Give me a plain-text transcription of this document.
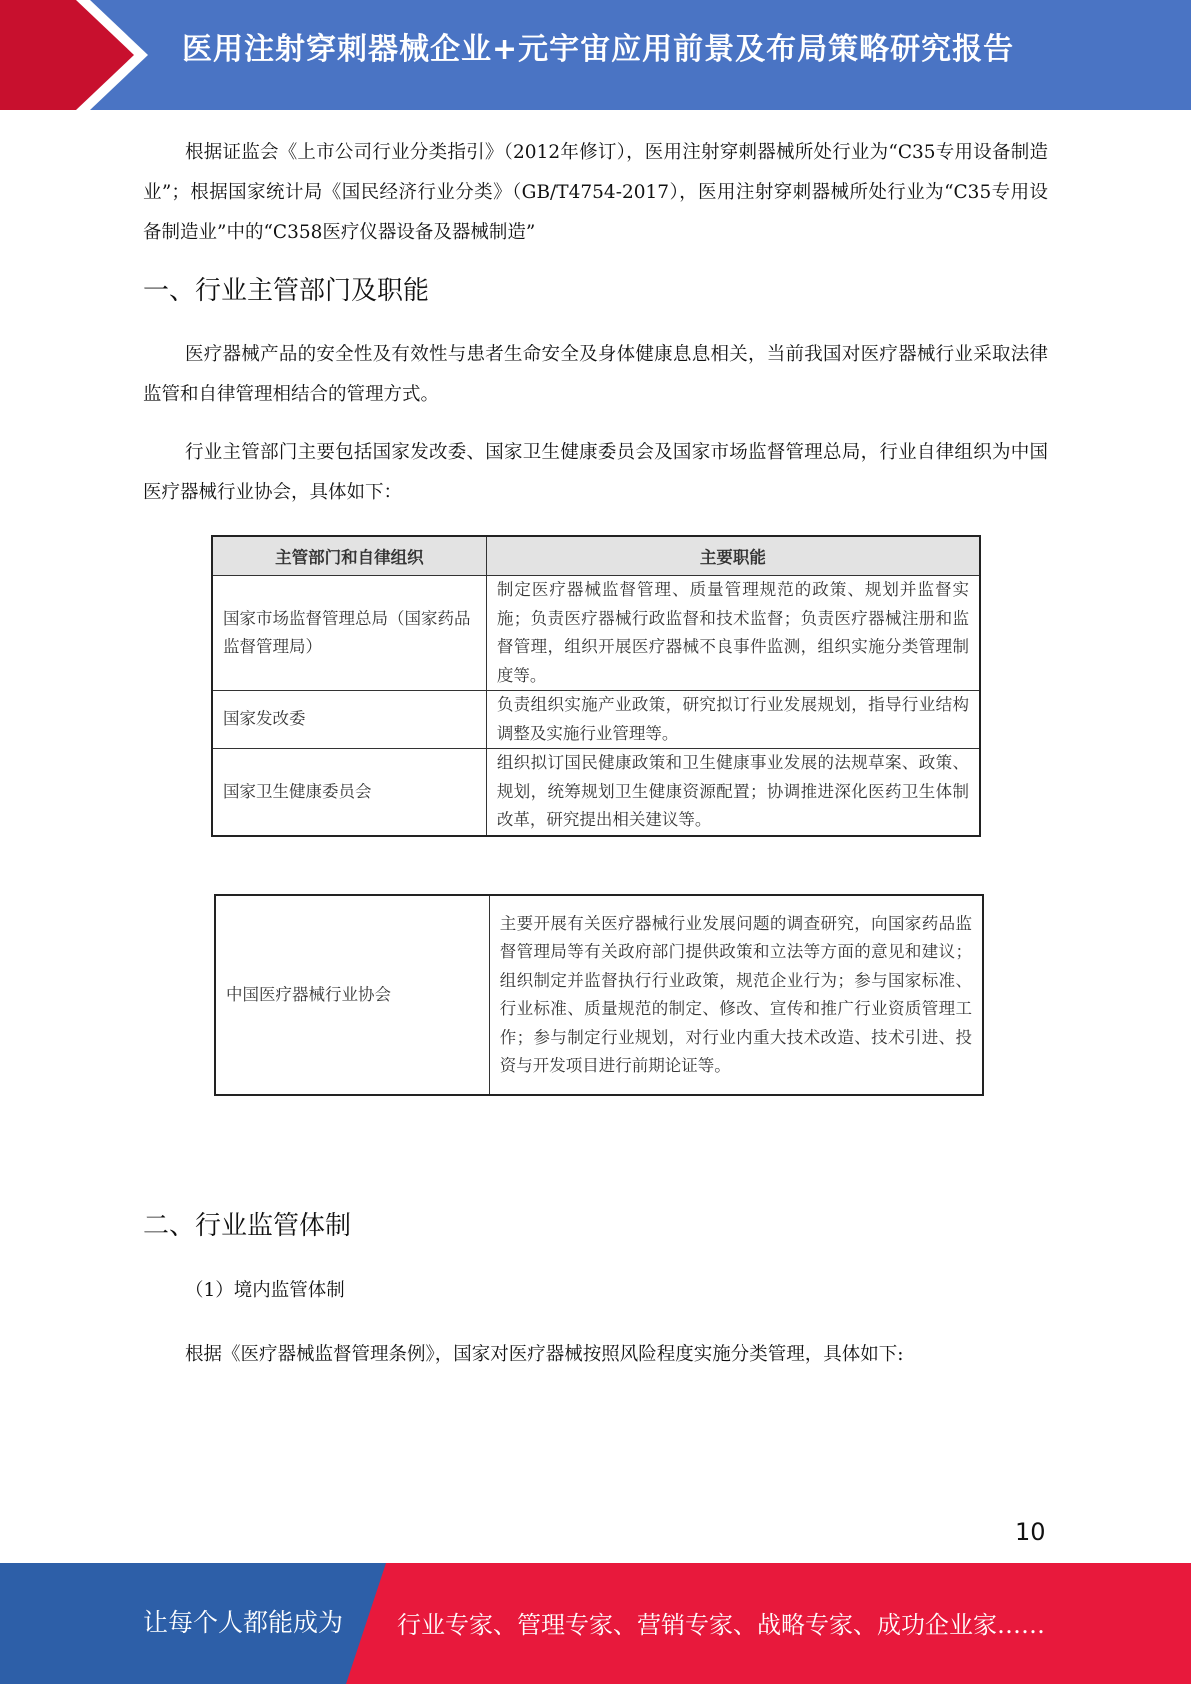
医用注射穿刺器械企业+元宇宙应用前景及布局策略研究报告

根据证监会《上市公司行业分类指引》（2012年修订），医用注射穿刺器械所处行业为“C35专用设备制造业”；根据国家统计局《国民经济行业分类》（GB/T4754-2017），医用注射穿刺器械所处行业为“C35专用设备制造业”中的“C358医疗仪器设备及器械制造”

一、行业主管部门及职能

医疗器械产品的安全性及有效性与患者生命安全及身体健康息息相关，当前我国对医疗器械行业采取法律监管和自律管理相结合的管理方式。

行业主管部门主要包括国家发改委、国家卫生健康委员会及国家市场监督管理总局，行业自律组织为中国医疗器械行业协会，具体如下：

主管部门和自律组织	主要职能
国家市场监督管理总局（国家药品监督管理局）	制定医疗器械监督管理、质量管理规范的政策、规划并监督实施；负责医疗器械行政监督和技术监督；负责医疗器械注册和监督管理，组织开展医疗器械不良事件监测，组织实施分类管理制度等。
国家发改委	负责组织实施产业政策，研究拟订行业发展规划，指导行业结构调整及实施行业管理等。
国家卫生健康委员会	组织拟订国民健康政策和卫生健康事业发展的法规草案、政策、规划，统筹规划卫生健康资源配置；协调推进深化医药卫生体制改革，研究提出相关建议等。
中国医疗器械行业协会	主要开展有关医疗器械行业发展问题的调查研究，向国家药品监督管理局等有关政府部门提供政策和立法等方面的意见和建议；组织制定并监督执行行业政策，规范企业行为；参与国家标准、行业标准、质量规范的制定、修改、宣传和推广行业资质管理工作；参与制定行业规划，对行业内重大技术改造、技术引进、投资与开发项目进行前期论证等。
二、行业监管体制
（1）境内监管体制
根据《医疗器械监督管理条例》，国家对医疗器械按照风险程度实施分类管理，具体如下:
10
让每个人都能成为 行业专家、管理专家、营销专家、战略专家、成功企业家……
